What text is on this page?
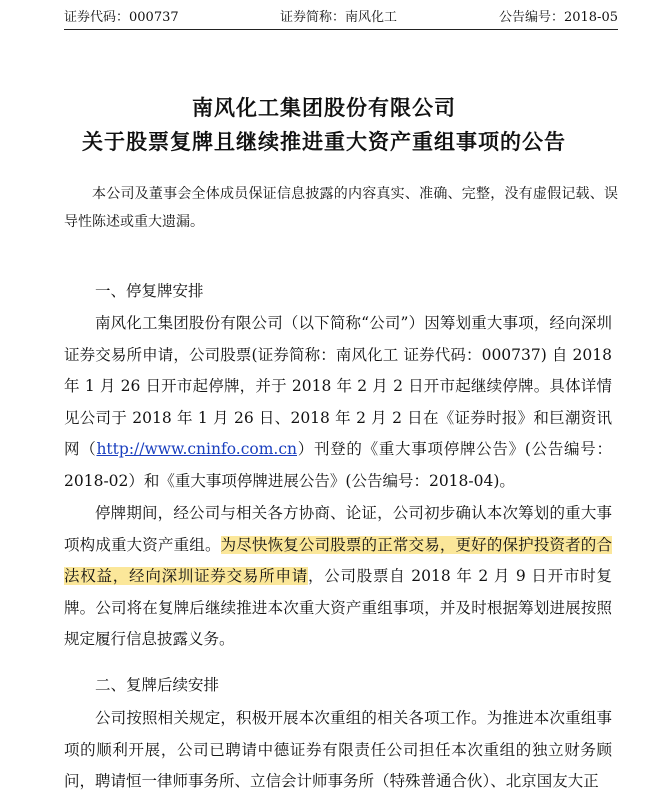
证券代码：000737	证券简称：南风化工	公告编号：2018-05
南风化工集团股份有限公司
关于股票复牌且继续推进重大资产重组事项的公告

本公司及董事会全体成员保证信息披露的内容真实、准确、完整，没有虚假记载、误导性陈述或重大遗漏。

一、停复牌安排

南风化工集团股份有限公司（以下简称“公司”）因筹划重大事项，经向深圳证券交易所申请，公司股票(证券简称：南风化工 证券代码：000737) 自 2018 年 1 月 26 日开市起停牌，并于 2018 年 2 月 2 日开市起继续停牌。具体详情见公司于 2018 年 1 月 26 日、2018 年 2 月 2 日在《证券时报》和巨潮资讯网（http://www.cninfo.com.cn）刊登的《重大事项停牌公告》(公告编号：2018-02）和《重大事项停牌进展公告》(公告编号：2018-04)。

停牌期间，经公司与相关各方协商、论证，公司初步确认本次筹划的重大事项构成重大资产重组。为尽快恢复公司股票的正常交易，更好的保护投资者的合法权益，经向深圳证券交易所申请，公司股票自 2018 年 2 月 9 日开市时复牌。公司将在复牌后继续推进本次重大资产重组事项，并及时根据筹划进展按照规定履行信息披露义务。

二、复牌后续安排

公司按照相关规定，积极开展本次重组的相关各项工作。为推进本次重组事项的顺利开展，公司已聘请中德证券有限责任公司担任本次重组的独立财务顾问，聘请恒一律师事务所、立信会计师事务所（特殊普通合伙）、北京国友大正
